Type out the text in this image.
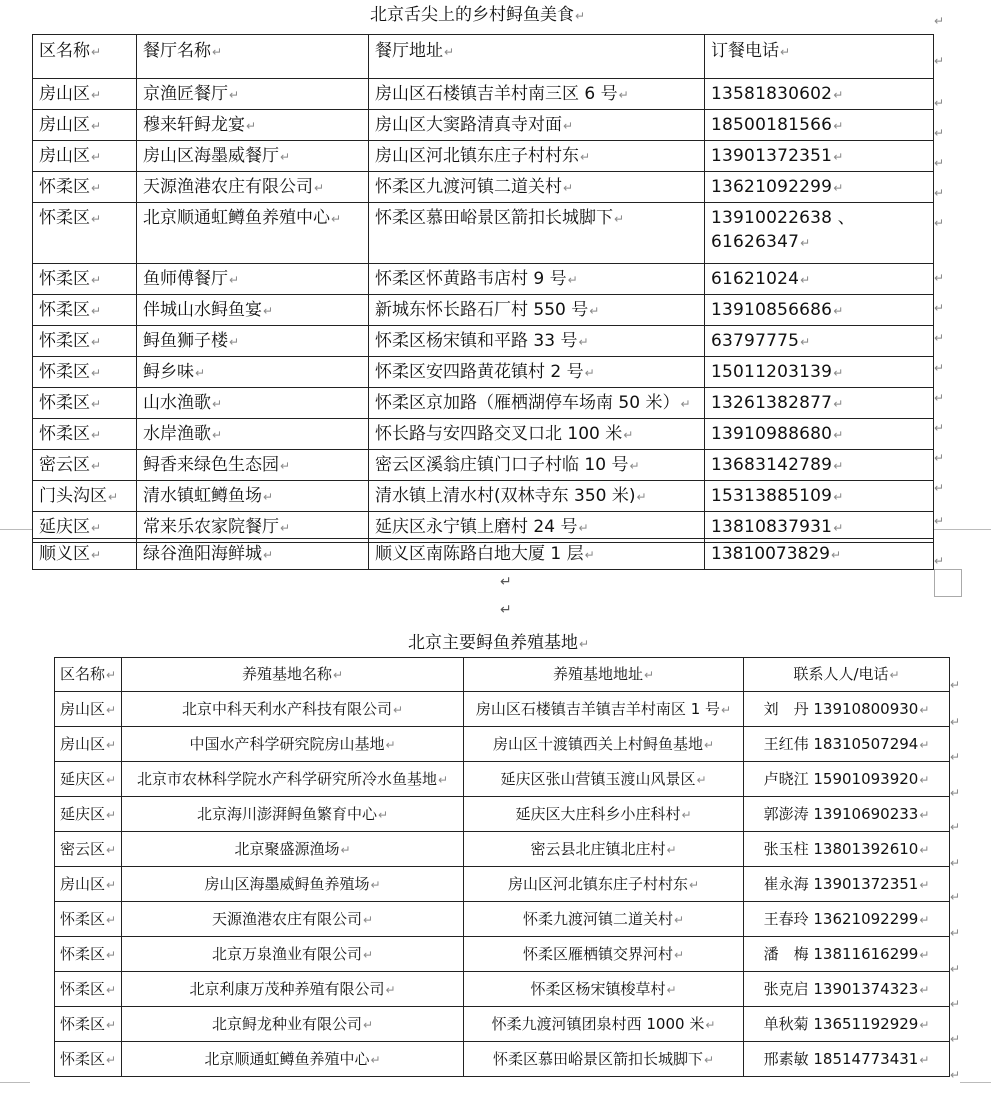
北京舌尖上的乡村鲟鱼美食↵
区名称↵	餐厅名称↵	餐厅地址↵	订餐电话↵
房山区↵	京渔匠餐厅↵	房山区石楼镇吉羊村南三区 6 号↵	13581830602↵
房山区↵	穆来轩鲟龙宴↵	房山区大窦路清真寺对面↵	18500181566↵
房山区↵	房山区海墨威餐厅↵	房山区河北镇东庄子村村东↵	13901372351↵
怀柔区↵	天源渔港农庄有限公司↵	怀柔区九渡河镇二道关村↵	13621092299↵
怀柔区↵	北京顺通虹鳟鱼养殖中心↵	怀柔区慕田峪景区箭扣长城脚下↵	13910022638 、
61626347↵
怀柔区↵	鱼师傅餐厅↵	怀柔区怀黄路韦店村 9 号↵	61621024↵
怀柔区↵	伴城山水鲟鱼宴↵	新城东怀长路石厂村 550 号↵	13910856686↵
怀柔区↵	鲟鱼狮子楼↵	怀柔区杨宋镇和平路 33 号↵	63797775↵
怀柔区↵	鲟乡味↵	怀柔区安四路黄花镇村 2 号↵	15011203139↵
怀柔区↵	山水渔歌↵	怀柔区京加路（雁栖湖停车场南 50 米）↵	13261382877↵
怀柔区↵	水岸渔歌↵	怀长路与安四路交叉口北 100 米↵	13910988680↵
密云区↵	鲟香来绿色生态园↵	密云区溪翁庄镇门口子村临 10 号↵	13683142789↵
门头沟区↵	清水镇虹鳟鱼场↵	清水镇上清水村(双林寺东 350 米)↵	15313885109↵
延庆区↵	常来乐农家院餐厅↵	延庆区永宁镇上磨村 24 号↵	13810837931↵
顺义区↵	绿谷渔阳海鲜城↵	顺义区南陈路白地大厦 1 层↵	13810073829↵
↵
↵
北京主要鲟鱼养殖基地↵
区名称↵	养殖基地名称↵	养殖基地地址↵	联系人人/电话↵
房山区↵	北京中科天利水产科技有限公司↵	房山区石楼镇吉羊镇吉羊村南区 1 号↵	刘　丹 13910800930↵
房山区↵	中国水产科学研究院房山基地↵	房山区十渡镇西关上村鲟鱼基地↵	王红伟 18310507294↵
延庆区↵	北京市农林科学院水产科学研究所冷水鱼基地↵	延庆区张山营镇玉渡山风景区↵	卢晓江 15901093920↵
延庆区↵	北京海川澎湃鲟鱼繁育中心↵	延庆区大庄科乡小庄科村↵	郭澎涛 13910690233↵
密云区↵	北京聚盛源渔场↵	密云县北庄镇北庄村↵	张玉柱 13801392610↵
房山区↵	房山区海墨威鲟鱼养殖场↵	房山区河北镇东庄子村村东↵	崔永海 13901372351↵
怀柔区↵	天源渔港农庄有限公司↵	怀柔九渡河镇二道关村↵	王春玲 13621092299↵
怀柔区↵	北京万泉渔业有限公司↵	怀柔区雁栖镇交界河村↵	潘　梅 13811616299↵
怀柔区↵	北京利康万茂种养殖有限公司↵	怀柔区杨宋镇梭草村↵	张克启 13901374323↵
怀柔区↵	北京鲟龙种业有限公司↵	怀柔九渡河镇团泉村西 1000 米↵	单秋菊 13651192929↵
怀柔区↵	北京顺通虹鳟鱼养殖中心↵	怀柔区慕田峪景区箭扣长城脚下↵	邢素敏 18514773431↵
↵
↵
↵
↵
↵
↵
↵
↵
↵
↵
↵
↵
↵
↵
↵
↵
↵
↵
↵
↵
↵
↵
↵
↵
↵
↵
↵
↵
↵
